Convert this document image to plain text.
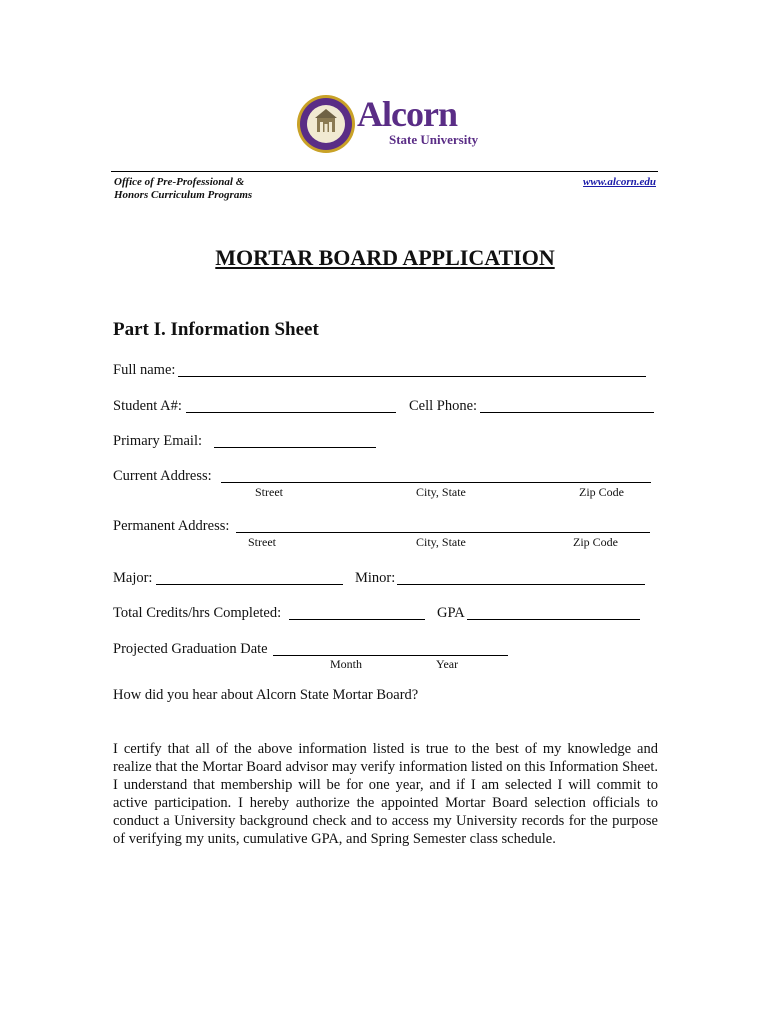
Alcorn
State University
Office of Pre-Professional &
Honors Curriculum Programs
www.alcorn.edu
MORTAR BOARD APPLICATION
Part I. Information Sheet
Full name:
Student A#:	Cell Phone:
Primary Email:
Current Address:
Street	City, State	Zip Code
Permanent Address:
Street	City, State	Zip Code
Major:	Minor:
Total Credits/hrs Completed:	GPA
Projected Graduation Date
Month	Year
How did you hear about Alcorn State Mortar Board?
I certify that all of the above information listed is true to the best of my knowledge and realize that the Mortar Board advisor may verify information listed on this Information Sheet. I understand that membership will be for one year, and if I am selected I will commit to active participation. I hereby authorize the appointed Mortar Board selection officials to conduct a University background check and to access my University records for the purpose of verifying my units, cumulative GPA, and Spring Semester class schedule.
